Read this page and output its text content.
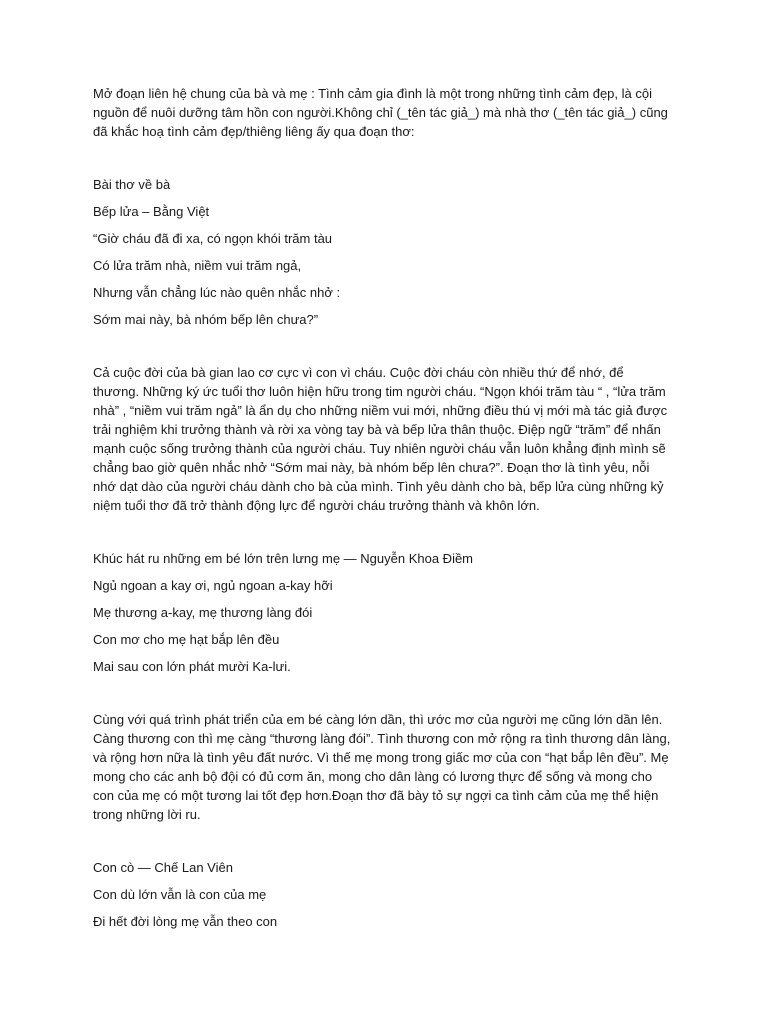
Mở đoạn liên hệ chung của bà và mẹ : Tình cảm gia đình là một trong những tình cảm đẹp, là cội nguồn để nuôi dưỡng tâm hồn con người.Không chỉ (_tên tác giả_) mà nhà thơ (_tên tác giả_) cũng đã khắc hoạ tình cảm đẹp/thiêng liêng ấy qua đoạn thơ:

Bài thơ về bà

Bếp lửa – Bằng Việt

“Giờ cháu đã đi xa, có ngọn khói trăm tàu

Có lửa trăm nhà, niềm vui trăm ngả,

Nhưng vẫn chẳng lúc nào quên nhắc nhở :

Sớm mai này, bà nhóm bếp lên chưa?”

Cả cuộc đời của bà gian lao cơ cực vì con vì cháu. Cuộc đời cháu còn nhiều thứ để nhớ, để thương. Những ký ức tuổi thơ luôn hiện hữu trong tim người cháu. “Ngọn khói trăm tàu “ , “lửa trăm nhà” , “niềm vui trăm ngả” là ẩn dụ cho những niềm vui mới, những điều thú vị mới mà tác giả được trải nghiệm khi trưởng thành và rời xa vòng tay bà và bếp lửa thân thuộc. Điệp ngữ “trăm” để nhấn mạnh cuộc sống trưởng thành của người cháu. Tuy nhiên người cháu vẫn luôn khẳng định mình sẽ chẳng bao giờ quên nhắc nhở “Sớm mai này, bà nhóm bếp lên chưa?”. Đoạn thơ là tình yêu, nỗi nhớ dạt dào của người cháu dành cho bà của mình. Tình yêu dành cho bà, bếp lửa cùng những kỷ niệm tuổi thơ đã trở thành động lực để người cháu trưởng thành và khôn lớn.

Khúc hát ru những em bé lớn trên lưng mẹ — Nguyễn Khoa Điềm

Ngủ ngoan a kay ơi, ngủ ngoan a-kay hỡi

Mẹ thương a-kay, mẹ thương làng đói

Con mơ cho mẹ hạt bắp lên đều

Mai sau con lớn phát mười Ka-lưi.

Cùng với quá trình phát triển của em bé càng lớn dần, thì ước mơ của người mẹ cũng lớn dần lên. Càng thương con thì mẹ càng “thương làng đói”. Tình thương con mở rộng ra tình thương dân làng, và rộng hơn nữa là tình yêu đất nước. Vì thế mẹ mong trong giấc mơ của con “hạt bắp lên đều”. Mẹ mong cho các anh bộ đội có đủ cơm ăn, mong cho dân làng có lương thực để sống và mong cho con của mẹ có một tương lai tốt đẹp hơn.Đoạn thơ đã bày tỏ sự ngợi ca tình cảm của mẹ thể hiện trong những lời ru.

Con cò — Chế Lan Viên

Con dù lớn vẫn là con của mẹ

Đi hết đời lòng mẹ vẫn theo con
